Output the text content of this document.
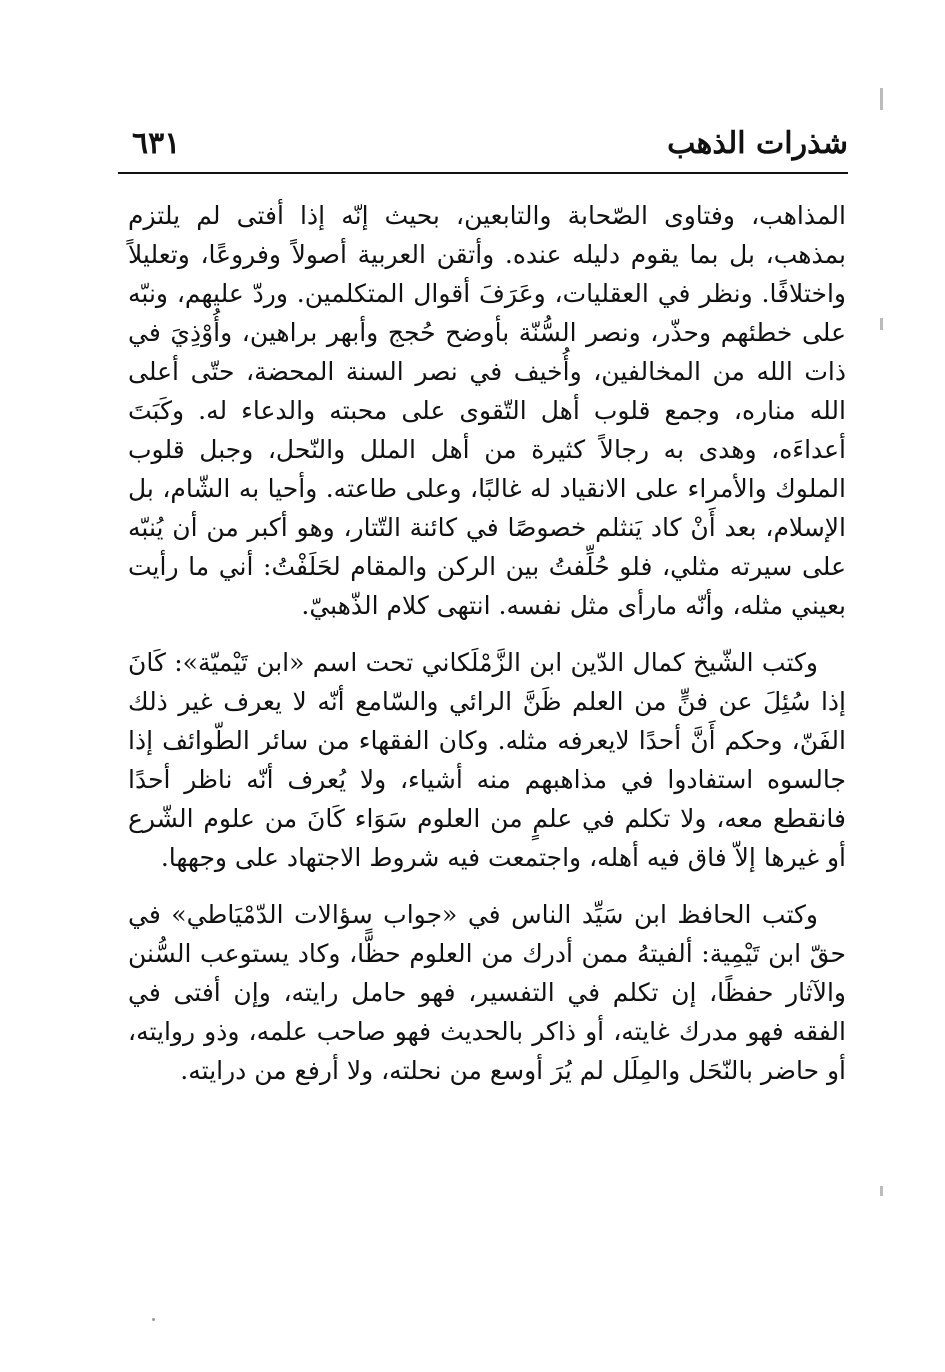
شذرات الذهب
٦٣١

المذاهب، وفتاوى الصّحابة والتابعين، بحيث إنّه إذا أفتى لم يلتزم بمذهب، بل بما يقوم دليله عنده. وأتقن العربية أصولاً وفروعًا، وتعليلاً واختلافًا. ونظر في العقليات، وعَرَفَ أقوال المتكلمين. وردّ عليهم، ونبّه على خطئهم وحذّر، ونصر السُّنّة بأوضح حُجج وأبهر براهين، وأُوْذِيَ في ذات الله من المخالفين، وأُخيف في نصر السنة المحضة، حتّى أعلى الله مناره، وجمع قلوب أهل التّقوى على محبته والدعاء له. وكَبَتَ أعداءَه، وهدى به رجالاً كثيرة من أهل الملل والنّحل، وجبل قلوب الملوك والأمراء على الانقياد له غالبًا، وعلى طاعته. وأحيا به الشّام، بل الإسلام، بعد أَنْ كاد يَنثلم خصوصًا في كائنة التّتار، وهو أكبر من أن يُنبّه على سيرته مثلي، فلو حُلِّفتُ بين الركن والمقام لحَلَفْتُ: أني ما رأيت بعيني مثله، وأنّه مارأى مثل نفسه. انتهى كلام الذّهبيّ.

وكتب الشّيخ كمال الدّين ابن الزَّمْلَكاني تحت اسم «ابن تَيْميّة»: كَانَ إذا سُئِلَ عن فنٍّ من العلم ظَنَّ الرائي والسّامع أنّه لا يعرف غير ذلك الفَنّ، وحكم أَنَّ أحدًا لايعرفه مثله. وكان الفقهاء من سائر الطّوائف إذا جالسوه استفادوا في مذاهبهم منه أشياء، ولا يُعرف أنّه ناظر أحدًا فانقطع معه، ولا تكلم في علمٍ من العلوم سَوَاء كَانَ من علوم الشّرع أو غيرها إلاّ فاق فيه أهله، واجتمعت فيه شروط الاجتهاد على وجهها.

وكتب الحافظ ابن سَيِّد الناس في «جواب سؤالات الدّمْيَاطي» في حقّ ابن تَيْمِية: ألفيتهُ ممن أدرك من العلوم حظًّا، وكاد يستوعب السُّنن والآثار حفظًا، إن تكلم في التفسير، فهو حامل رايته، وإن أفتى في الفقه فهو مدرك غايته، أو ذاكر بالحديث فهو صاحب علمه، وذو روايته، أو حاضر بالنّحَل والمِلَل لم يُرَ أوسع من نحلته، ولا أرفع من درايته.
